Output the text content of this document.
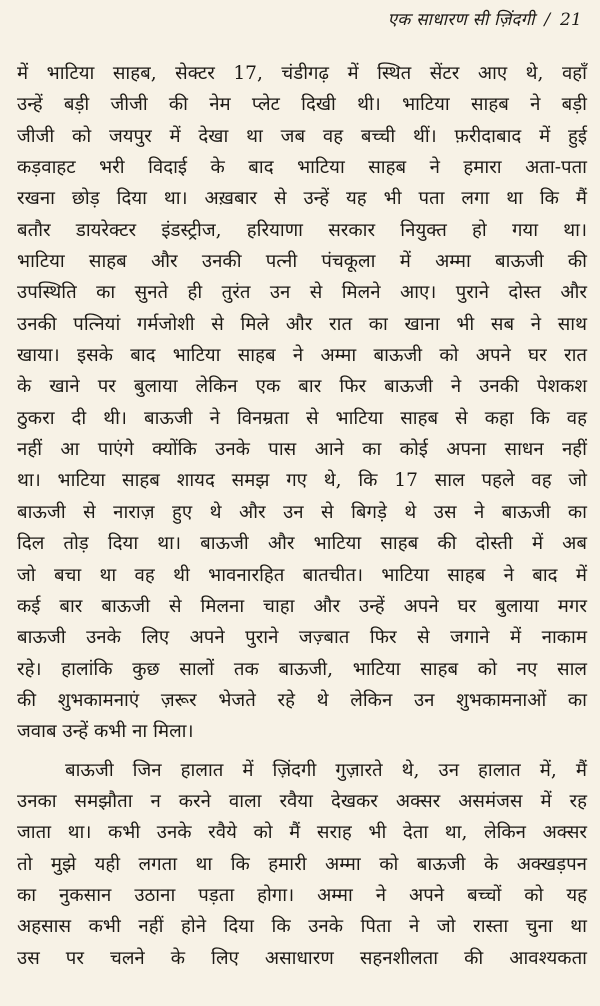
एक साधारण सी ज़िंदगी / 21
में भाटिया साहब, सेक्टर 17, चंडीगढ़ में स्थित सेंटर आए थे, वहाँ
उन्हें बड़ी जीजी की नेम प्लेट दिखी थी। भाटिया साहब ने बड़ी
जीजी को जयपुर में देखा था जब वह बच्ची थीं। फ़रीदाबाद में हुई
कड़वाहट भरी विदाई के बाद भाटिया साहब ने हमारा अता-पता
रखना छोड़ दिया था। अख़बार से उन्हें यह भी पता लगा था कि मैं
बतौर डायरेक्टर इंडस्ट्रीज, हरियाणा सरकार नियुक्त हो गया था।
भाटिया साहब और उनकी पत्नी पंचकूला में अम्मा बाऊजी की
उपस्थिति का सुनते ही तुरंत उन से मिलने आए। पुराने दोस्त और
उनकी पत्नियां गर्मजोशी से मिले और रात का खाना भी सब ने साथ
खाया। इसके बाद भाटिया साहब ने अम्मा बाऊजी को अपने घर रात
के खाने पर बुलाया लेकिन एक बार फिर बाऊजी ने उनकी पेशकश
ठुकरा दी थी। बाऊजी ने विनम्रता से भाटिया साहब से कहा कि वह
नहीं आ पाएंगे क्योंकि उनके पास आने का कोई अपना साधन नहीं
था। भाटिया साहब शायद समझ गए थे, कि 17 साल पहले वह जो
बाऊजी से नाराज़ हुए थे और उन से बिगड़े थे उस ने बाऊजी का
दिल तोड़ दिया था। बाऊजी और भाटिया साहब की दोस्ती में अब
जो बचा था वह थी भावनारहित बातचीत। भाटिया साहब ने बाद में
कई बार बाऊजी से मिलना चाहा और उन्हें अपने घर बुलाया मगर
बाऊजी उनके लिए अपने पुराने जज़्बात फिर से जगाने में नाकाम
रहे। हालांकि कुछ सालों तक बाऊजी, भाटिया साहब को नए साल
की शुभकामनाएं ज़रूर भेजते रहे थे लेकिन उन शुभकामनाओं का
जवाब उन्हें कभी ना मिला।
बाऊजी जिन हालात में ज़िंदगी गुज़ारते थे, उन हालात में, मैं
उनका समझौता न करने वाला रवैया देखकर अक्सर असमंजस में रह
जाता था। कभी उनके रवैये को मैं सराह भी देता था, लेकिन अक्सर
तो मुझे यही लगता था कि हमारी अम्मा को बाऊजी के अक्खड़पन
का नुकसान उठाना पड़ता होगा। अम्मा ने अपने बच्चों को यह
अहसास कभी नहीं होने दिया कि उनके पिता ने जो रास्ता चुना था
उस पर चलने के लिए असाधारण सहनशीलता की आवश्यकता
